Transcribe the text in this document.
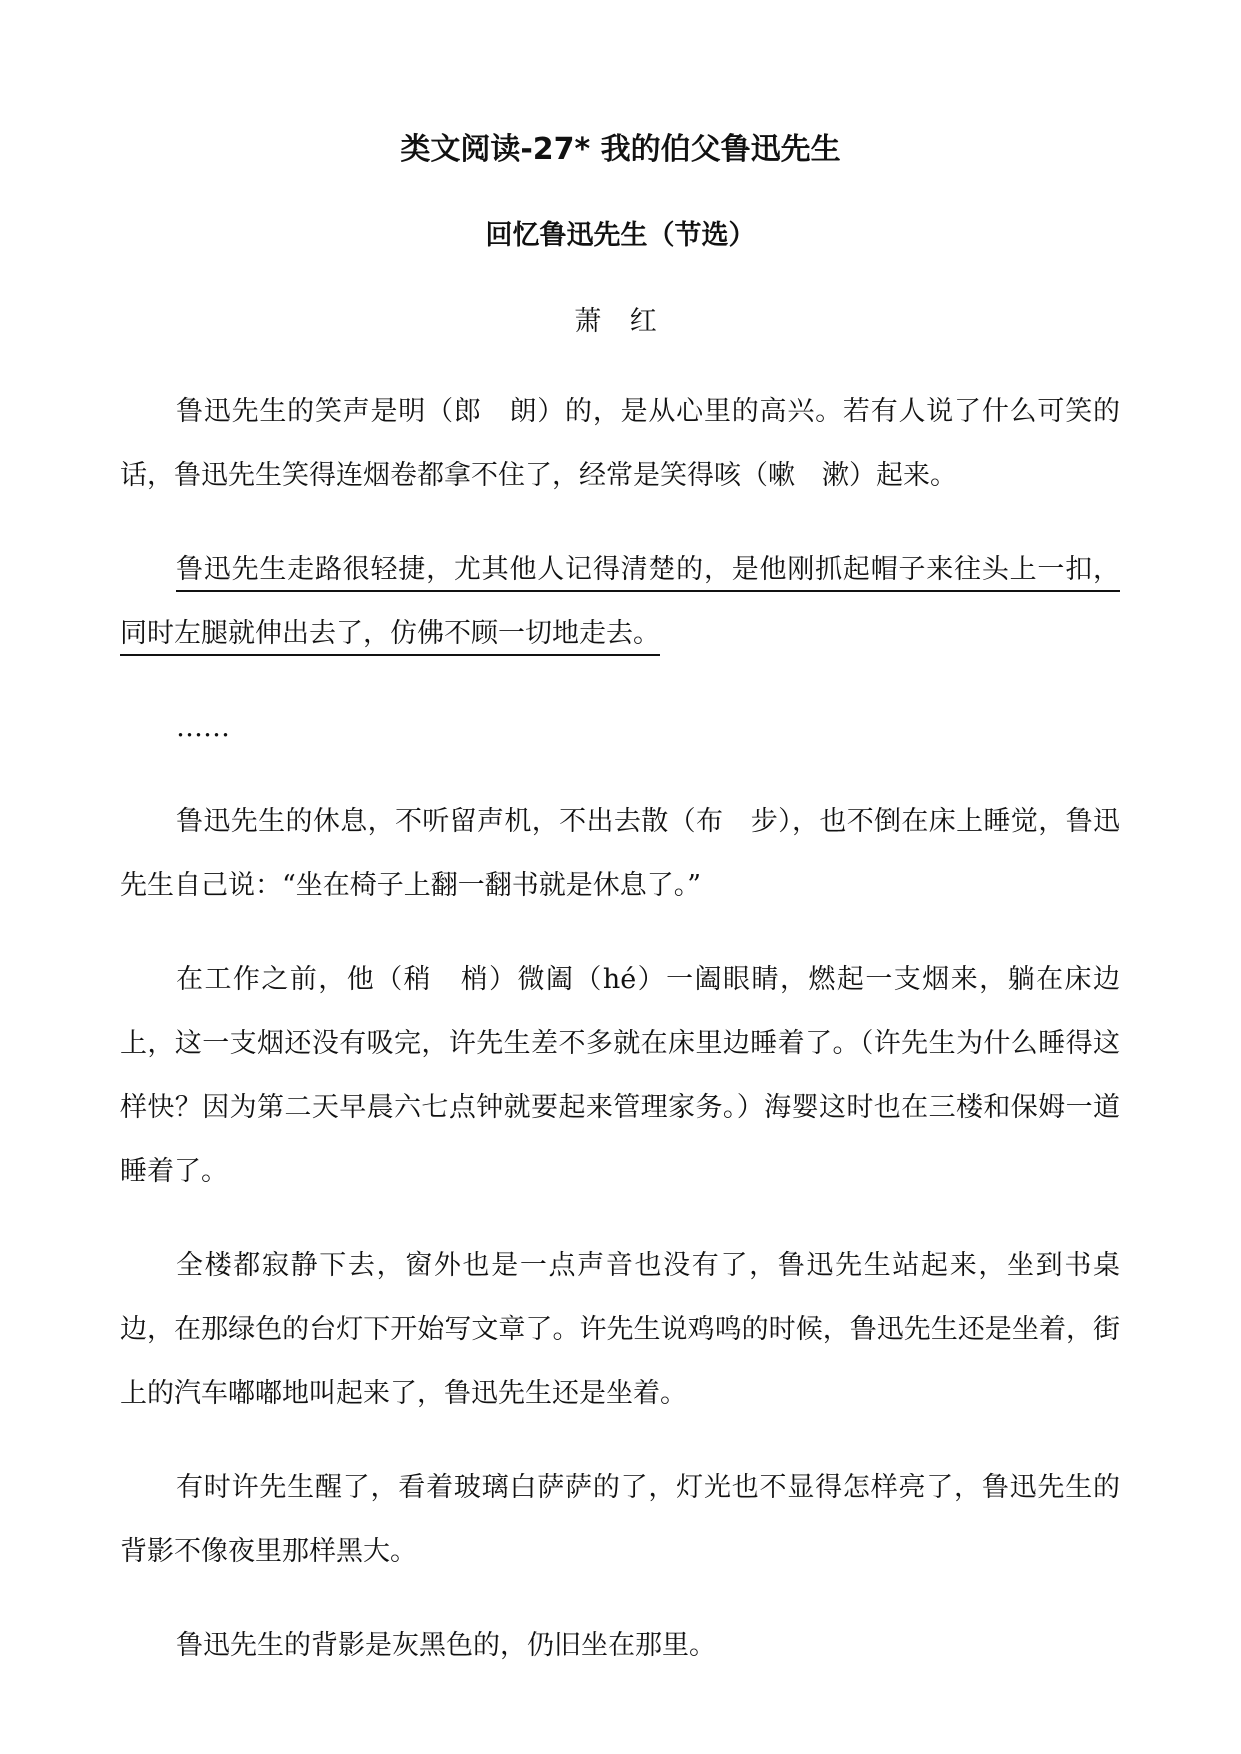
类文阅读-27* 我的伯父鲁迅先生
回忆鲁迅先生（节选）
萧 红

鲁迅先生的笑声是明（郎　朗）的，是从心里的高兴。若有人说了什么可笑的话，鲁迅先生笑得连烟卷都拿不住了，经常是笑得咳（嗽　漱）起来。

鲁迅先生走路很轻捷，尤其他人记得清楚的，是他刚抓起帽子来往头上一扣，同时左腿就伸出去了，仿佛不顾一切地走去。

……

鲁迅先生的休息，不听留声机，不出去散（布　步），也不倒在床上睡觉，鲁迅先生自己说：“坐在椅子上翻一翻书就是休息了。”

在工作之前，他（稍　梢）微阖（hé）一阖眼睛，燃起一支烟来，躺在床边上，这一支烟还没有吸完，许先生差不多就在床里边睡着了。（许先生为什么睡得这样快？因为第二天早晨六七点钟就要起来管理家务。）海婴这时也在三楼和保姆一道睡着了。

全楼都寂静下去，窗外也是一点声音也没有了，鲁迅先生站起来，坐到书桌边，在那绿色的台灯下开始写文章了。许先生说鸡鸣的时候，鲁迅先生还是坐着，街上的汽车嘟嘟地叫起来了，鲁迅先生还是坐着。

有时许先生醒了，看着玻璃白萨萨的了，灯光也不显得怎样亮了，鲁迅先生的背影不像夜里那样黑大。

鲁迅先生的背影是灰黑色的，仍旧坐在那里。
